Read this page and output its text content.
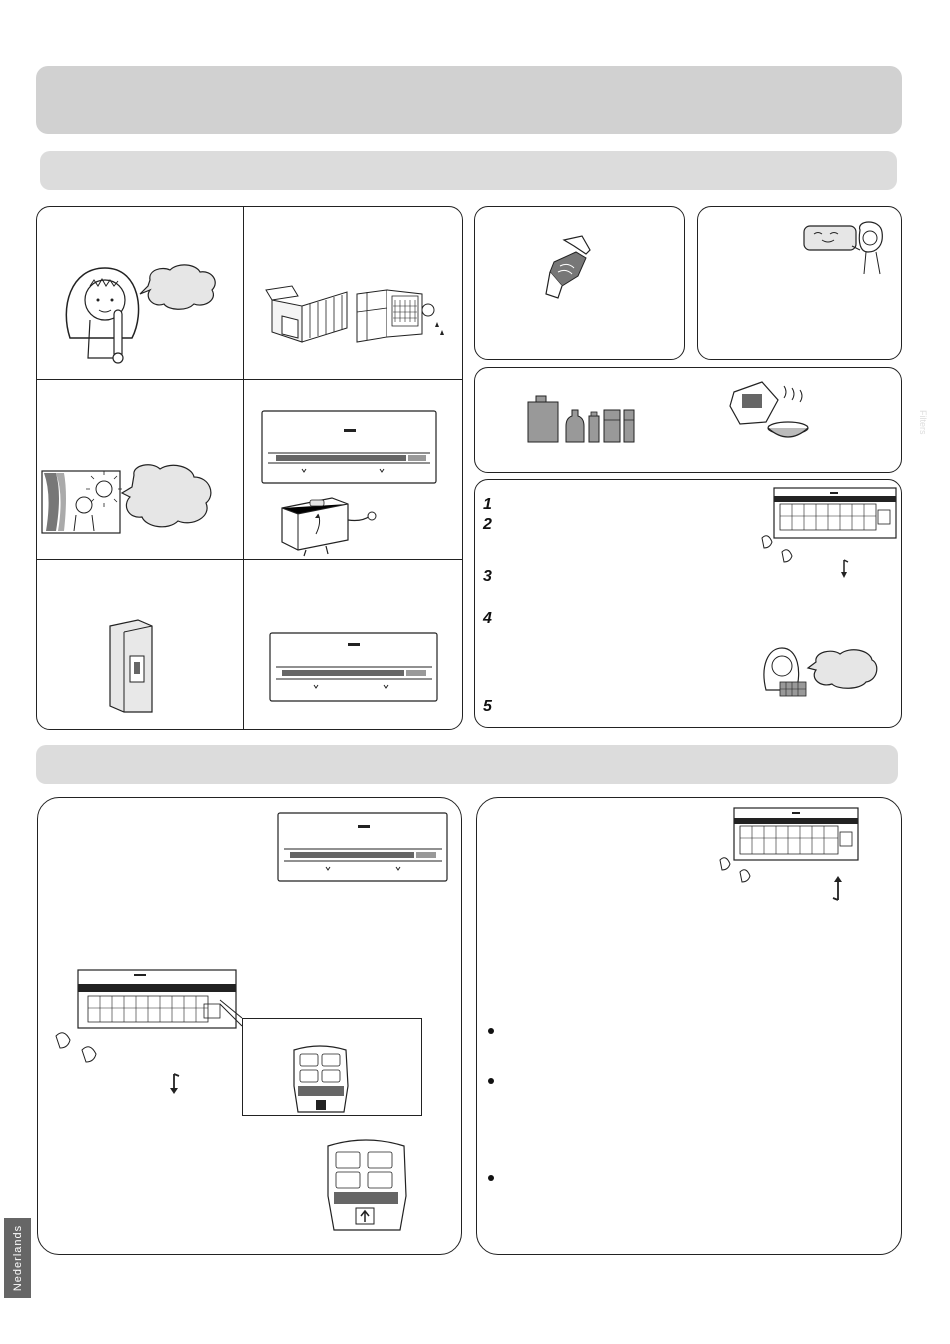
Filters
1
2
3
4
5
Nederlands
